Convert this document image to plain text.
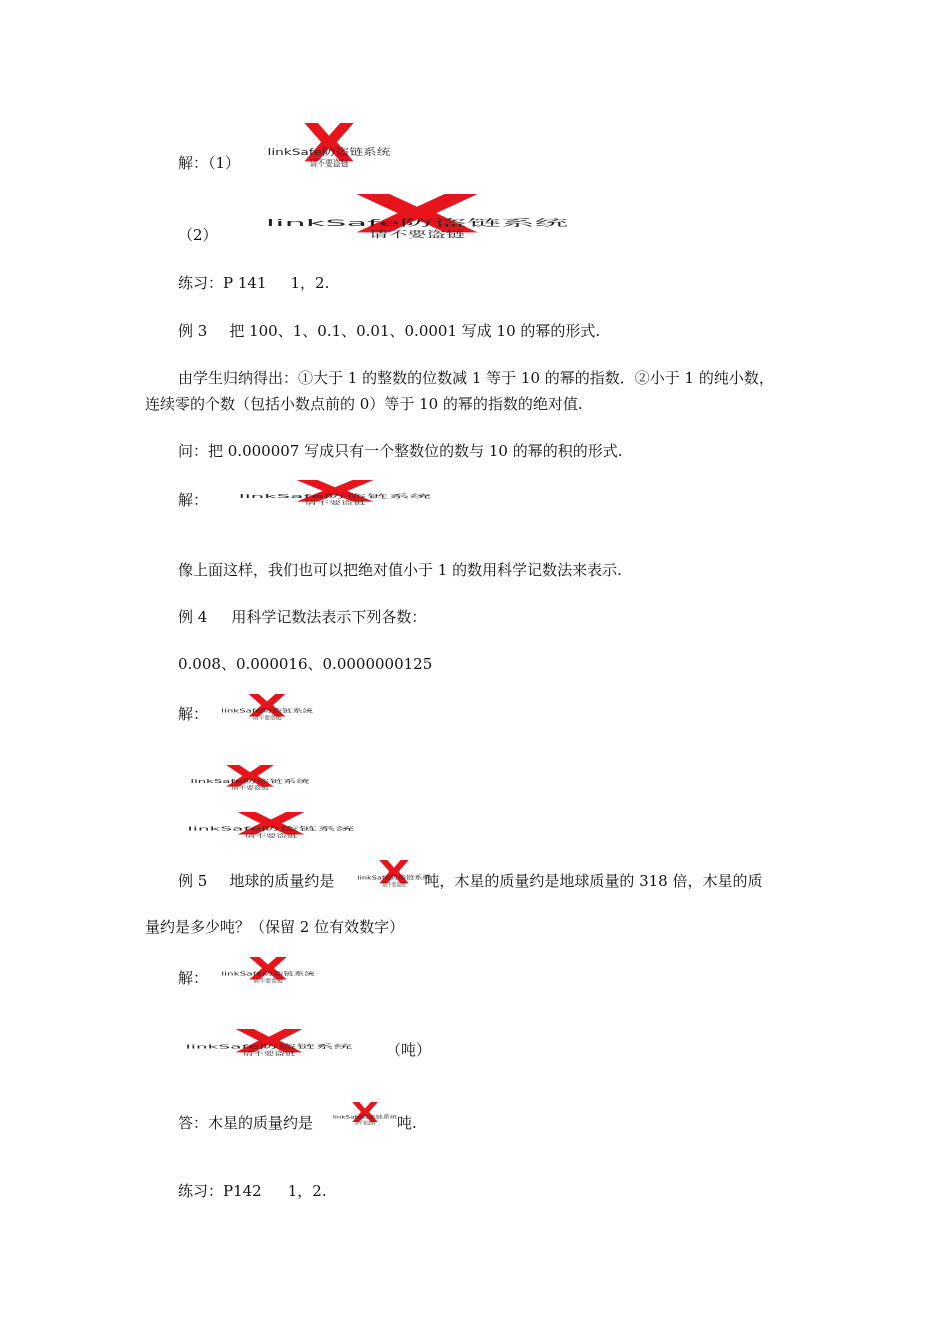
解：（1）
linkSafe防盗链系统
请不要盗链
（2）
linkSafe防盗链系统
请不要盗链
练习：P 141 1，2.
例 3 把 100、1、0.1、0.01、0.0001 写成 10 的幂的形式.
由学生归纳得出：①大于 1 的整数的位数减 1 等于 10 的幂的指数．②小于 1 的纯小数，
连续零的个数（包括小数点前的 0）等于 10 的幂的指数的绝对值.
问：把 0.000007 写成只有一个整数位的数与 10 的幂的积的形式.
解：	linkSafe防盗链系统
请不要盗链
像上面这样，我们也可以把绝对值小于 1 的数用科学记数法来表示.
例 4 用科学记数法表示下列各数：
0.008、0.000016、0.0000000125
解： linkSafe防盗链系统
请不要盗链
linkSafe防盗链系统
请不要盗链
linkSafe防盗链系统
请不要盗链
例 5 地球的质量约是	吨，木星的质量约是地球质量的 318 倍，木星的质
linkSafe防盗链系统
请不要盗链
量约是多少吨？（保留 2 位有效数字）
解： linkSafe防盗链系统
请不要盗链
linkSafe防盗链系统
请不要盗链	（吨）
答：木星的质量约是	吨.
linkSafe防盗链系统
请不要盗链
练习：P142 1，2.
